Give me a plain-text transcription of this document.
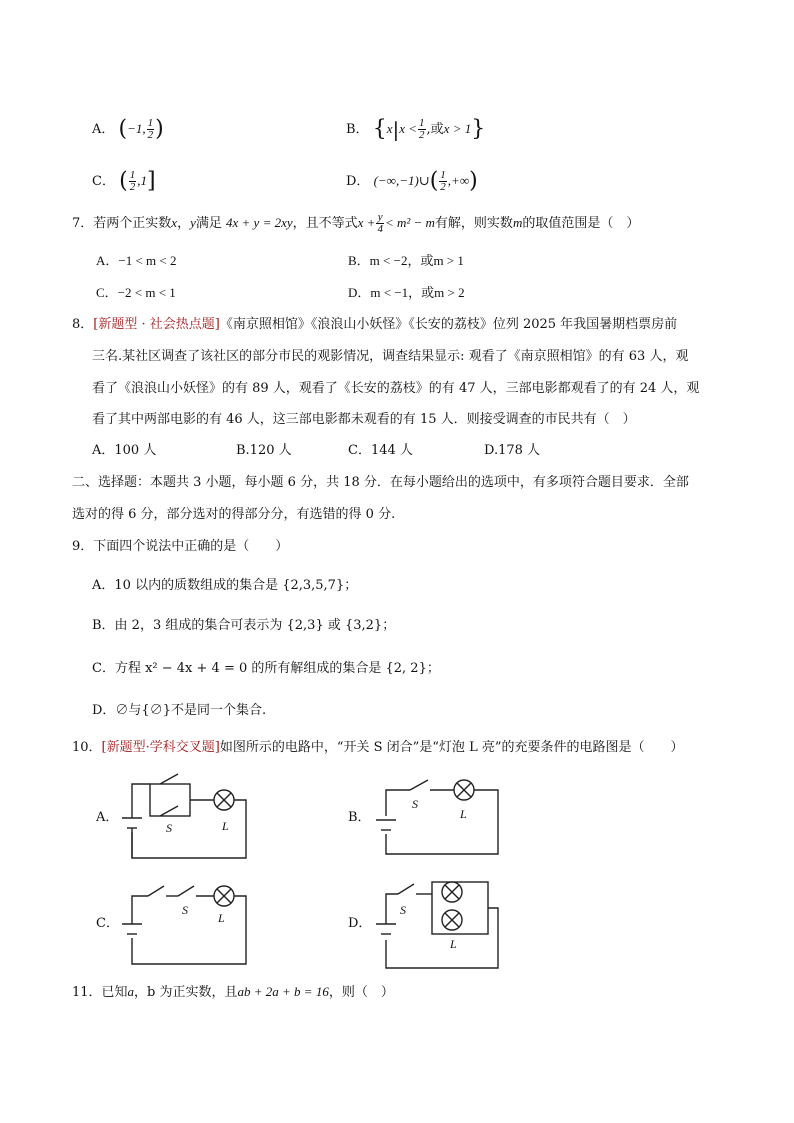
A． (−1, $\frac{1}{2}$ )	B． {$x|x < \frac{1}{2}$ ,或x > 1}
C． ( $\frac{1}{2} ,1$]	D． (−∞,−1)∪( $\frac{1}{2}$ ,+∞)
7．若两个正实数x，y满足 4x + y = 2xy，且不等式$x + \frac{y}{4} < m^2 - m$有解，则实数m的取值范围是（　）
A．−1 < m < 2	B．m < −2，或m > 1
C．−2 < m < 1	D．m < −1，或m > 2
8．[新题型 · 社会热点题]《南京照相馆》《浪浪山小妖怪》《长安的荔枝》位列 2025 年我国暑期档票房前
三名.某社区调查了该社区的部分市民的观影情况，调查结果显示: 观看了《南京照相馆》的有 63 人，观
看了《浪浪山小妖怪》的有 89 人，观看了《长安的荔枝》的有 47 人，三部电影都观看了的有 24 人，观
看了其中两部电影的有 46 人，这三部电影都未观看的有 15 人．则接受调查的市民共有（　）
A．100 人	B.120 人	C．144 人	D.178 人
二、选择题：本题共 3 小题，每小题 6 分，共 18 分．在每小题给出的选项中，有多项符合题目要求．全部
选对的得 6 分，部分选对的得部分分，有选错的得 0 分.
9．下面四个说法中正确的是（　　）
A．10 以内的质数组成的集合是 {2,3,5,7}；
B．由 2，3 组成的集合可表示为 {2,3} 或 {3,2}；
C．方程 x² − 4x + 4 = 0 的所有解组成的集合是 {2, 2}；
D．∅与{∅}不是同一个集合.
10．[新题型·学科交叉题]如图所示的电路中，“开关 S 闭合”是“灯泡 L 亮”的充要条件的电路图是（　　）
A．
S	L
B．
S
L
C．
S
L	D．
S
L
11．已知a，b 为正实数，且ab + 2a + b = 16，则（　）
